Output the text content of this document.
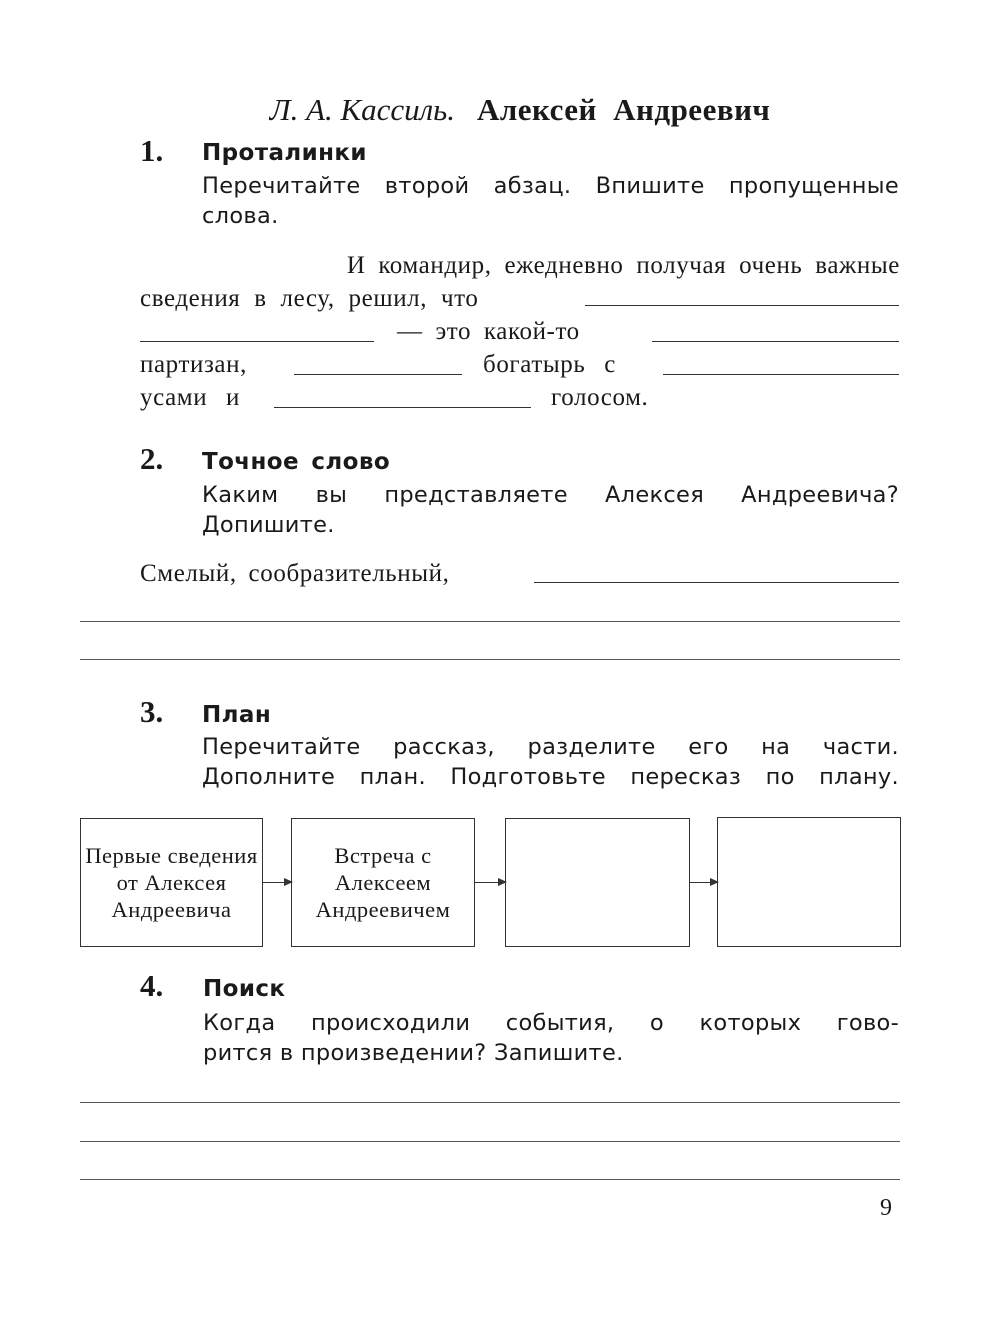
Л. А. Кассиль. Алексей Андреевич
1. Проталинки
Перечитайте второй абзац. Впишите пропущенные
слова.
И командир, ежедневно получая очень важные
сведения в лесу, решил, что
— это какой-то
партизан,	богатырь с
усами и	голосом.
2. Точное слово
Каким вы представляете Алексея Андреевича?
Допишите.
Смелый, сообразительный,
3. План
Перечитайте рассказ, разделите его на части.
Дополните план. Подготовьте пересказ по плану.
Первые сведения от Алексея Андреевича
Встреча с Алексеем Андреевичем
4. Поиск
Когда происходили события, о которых гово-
рится в произведении? Запишите.
9
